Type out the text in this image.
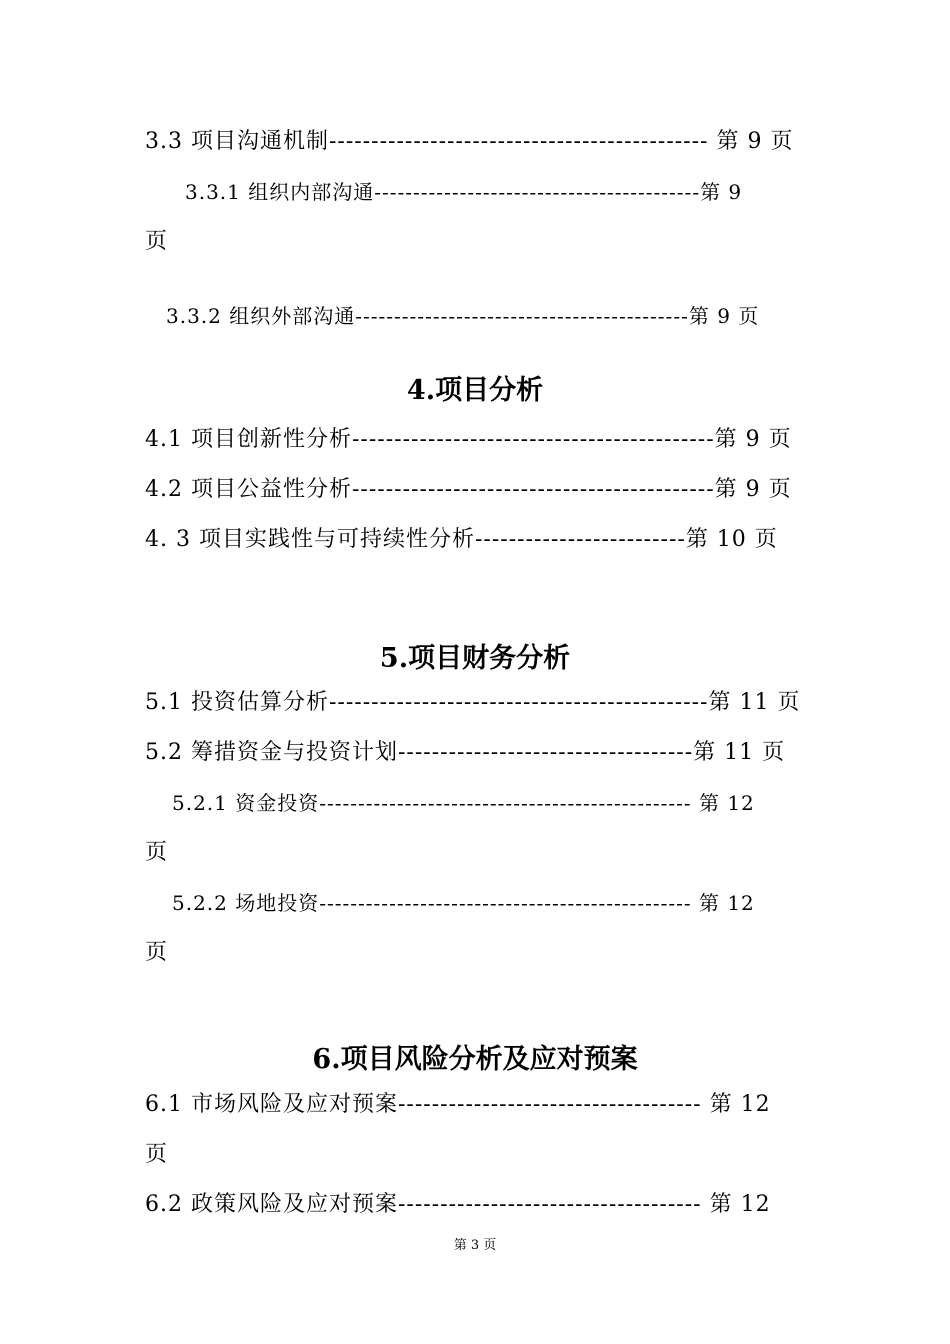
3.3 项目沟通机制--------------------------------------------- 第 9 页
3.3.1 组织内部沟通------------------------------------------第 9
页
3.3.2 组织外部沟通-------------------------------------------第 9 页
4.项目分析
4.1 项目创新性分析-------------------------------------------第 9 页
4.2 项目公益性分析-------------------------------------------第 9 页
4. 3 项目实践性与可持续性分析-------------------------第 10 页
5.项目财务分析
5.1 投资估算分析---------------------------------------------第 11 页
5.2 筹措资金与投资计划-----------------------------------第 11 页
5.2.1 资金投资------------------------------------------------ 第 12
页
5.2.2 场地投资------------------------------------------------ 第 12
页
6.项目风险分析及应对预案
6.1 市场风险及应对预案------------------------------------ 第 12
页
6.2 政策风险及应对预案------------------------------------ 第 12
第 3 页
